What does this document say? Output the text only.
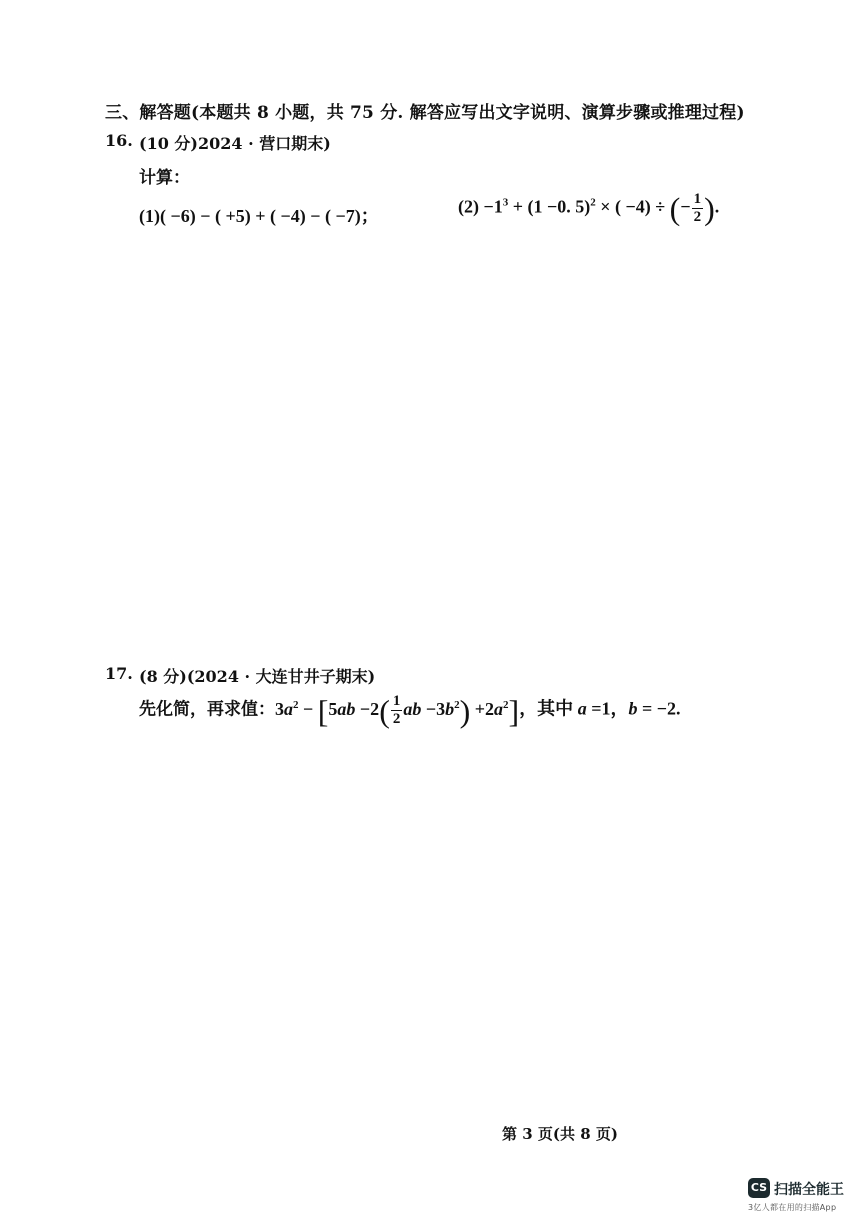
三、解答题(本题共 8 小题，共 75 分. 解答应写出文字说明、演算步骤或推理过程)
16. (10 分)2024 · 营口期末)
计算：
(1)( −6) − ( +5) + ( −4) − ( −7)；	$(2) -1^3 + (1 -0$. 5)$^2$ × ( −4) ÷ (− $\frac{1}{2}$ ).
17. (8 分)(2024 · 大连甘井子期末)
先化简，再求值：$3a^2 - [5ab -2( \frac{1}{2}$ ab $-3b^2) +2a^2$]，其中 a =1，b = −2.
第 3 页(共 8 页)
CS 扫描全能王
3亿人都在用的扫描App
